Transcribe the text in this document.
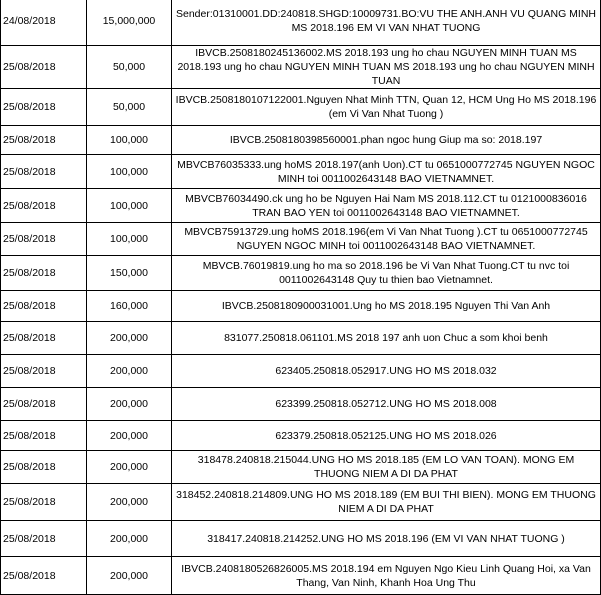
24/08/2018	15,000,000	Sender:01310001.DD:240818.SHGD:10009731.BO:VU THE ANH.ANH VU QUANG MINH MS 2018.196 EM VI VAN NHAT TUONG
25/08/2018	50,000	IBVCB.2508180245136002.MS 2018.193 ung ho chau NGUYEN MINH TUAN MS 2018.193 ung ho chau NGUYEN MINH TUAN MS 2018.193 ung ho chau NGUYEN MINH TUAN
25/08/2018	50,000	IBVCB.2508180107122001.Nguyen Nhat Minh TTN, Quan 12, HCM Ung Ho MS 2018.196 (em Vi Van Nhat Tuong )
25/08/2018	100,000	IBVCB.2508180398560001.phan ngoc hung Giup ma so: 2018.197
25/08/2018	100,000	MBVCB76035333.ung hoMS 2018.197(anh Uon).CT tu 0651000772745 NGUYEN NGOC MINH toi 0011002643148 BAO VIETNAMNET.
25/08/2018	100,000	MBVCB76034490.ck ung ho be Nguyen Hai Nam MS 2018.112.CT tu 0121000836016 TRAN BAO YEN toi 0011002643148 BAO VIETNAMNET.
25/08/2018	100,000	MBVCB75913729.ung hoMS 2018.196(em Vi Van Nhat Tuong ).CT tu 0651000772745 NGUYEN NGOC MINH toi 0011002643148 BAO VIETNAMNET.
25/08/2018	150,000	MBVCB.76019819.ung ho ma so 2018.196 be Vi Van Nhat Tuong.CT tu nvc toi 0011002643148 Quy tu thien bao Vietnamnet.
25/08/2018	160,000	IBVCB.2508180900031001.Ung ho MS 2018.195 Nguyen Thi Van Anh
25/08/2018	200,000	831077.250818.061101.MS 2018 197 anh uon Chuc a som khoi benh
25/08/2018	200,000	623405.250818.052917.UNG HO MS 2018.032
25/08/2018	200,000	623399.250818.052712.UNG HO MS 2018.008
25/08/2018	200,000	623379.250818.052125.UNG HO MS 2018.026
25/08/2018	200,000	318478.240818.215044.UNG HO MS 2018.185 (EM LO VAN TOAN). MONG EM THUONG NIEM A DI DA PHAT
25/08/2018	200,000	318452.240818.214809.UNG HO MS 2018.189 (EM BUI THI BIEN). MONG EM THUONG NIEM A DI DA PHAT
25/08/2018	200,000	318417.240818.214252.UNG HO MS 2018.196 (EM VI VAN NHAT TUONG )
25/08/2018	200,000	IBVCB.2408180526826005.MS 2018.194 em Nguyen Ngo Kieu Linh Quang Hoi, xa Van Thang, Van Ninh, Khanh Hoa Ung Thu
